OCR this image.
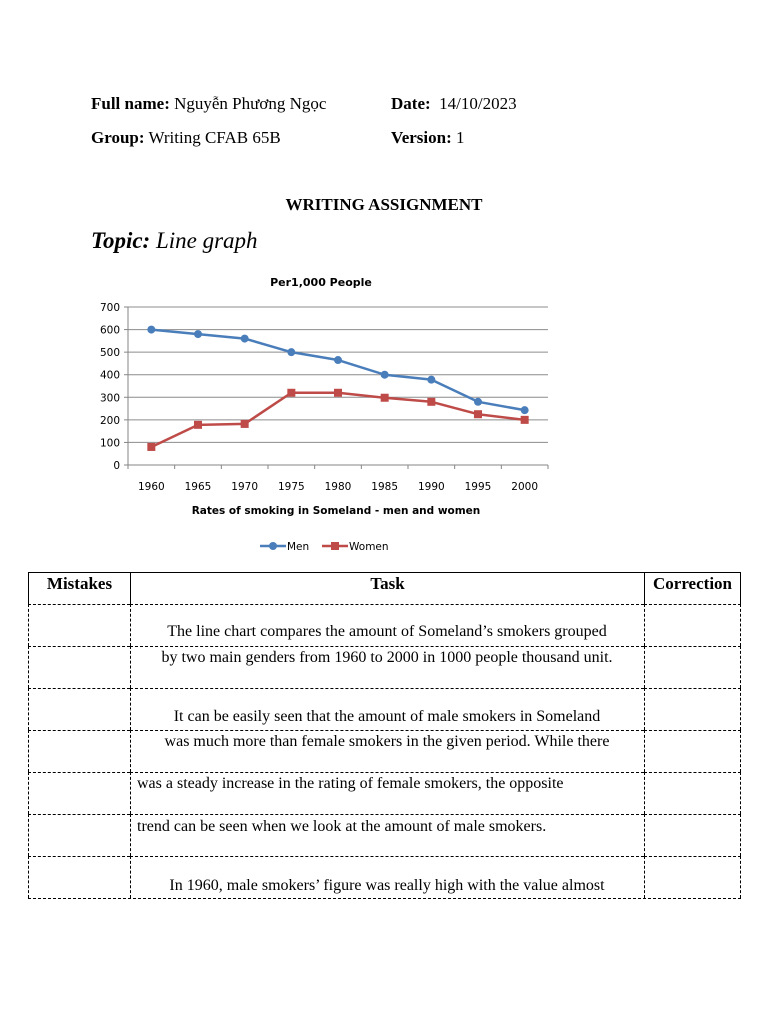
Full name: Nguyễn Phương Ngọc	Date: 14/10/2023
Group: Writing CFAB 65B	Version: 1
WRITING ASSIGNMENT
Topic: Line graph
Per1,000 People
0
100
200
300
400
500
600
700
1960 1965 1970 1975 1980 1985 1990 1995 2000
Rates of smoking in Someland - men and women
Men	Women
Mistakes	Task	Correction
The line chart compares the amount of Someland’s smokers grouped
by two main genders from 1960 to 2000 in 1000 people thousand unit.
It can be easily seen that the amount of male smokers in Someland
was much more than female smokers in the given period. While there
was a steady increase in the rating of female smokers, the opposite
trend can be seen when we look at the amount of male smokers.
In 1960, male smokers’ figure was really high with the value almost
